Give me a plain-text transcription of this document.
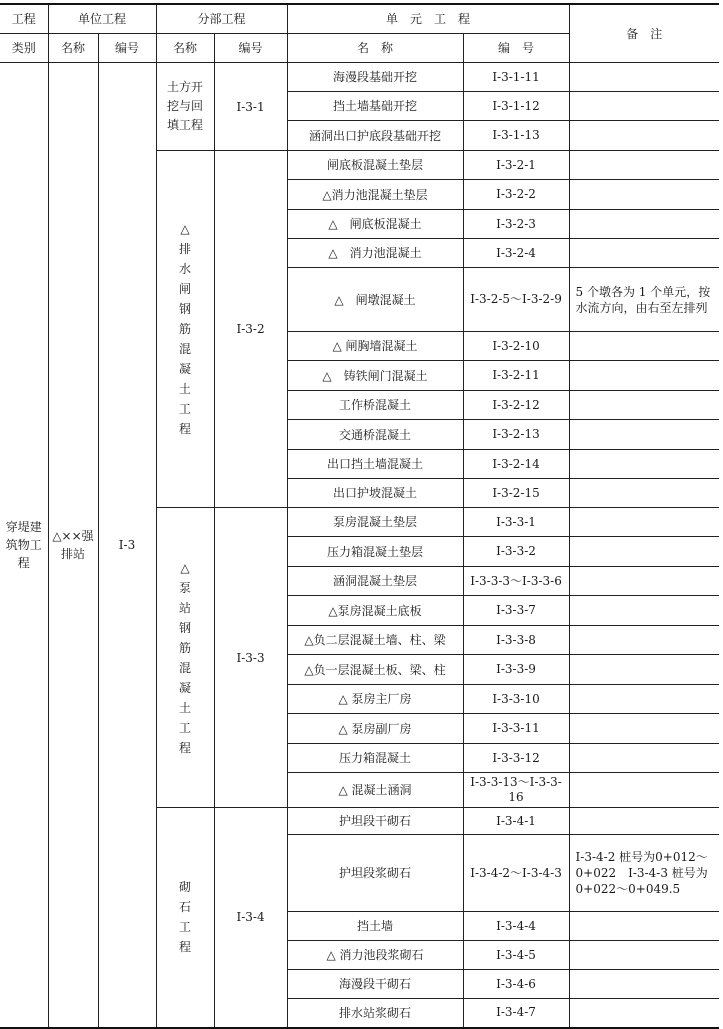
工程	单位工程		分部工程		单　元　工　程		备　注
类别	名称	编号	名称	编号	名　称	编　号	
穿堤建筑物工程	△××强排站	Ⅰ-3	土方开挖与回填工程	I-3-1	海漫段基础开挖	I-3-1-11	
					挡土墙基础开挖	I-3-1-12	
					涵洞出口护底段基础开挖	I-3-1-13	
			△排水闸钢筋混凝土工程	I-3-2	闸底板混凝土垫层	I-3-2-1	
					△消力池混凝土垫层	I-3-2-2	
					△　闸底板混凝土	I-3-2-3	
					△　消力池混凝土	I-3-2-4	
					△　闸墩混凝土	I-3-2-5～I-3-2-9	5 个墩各为 1 个单元，按水流方向，由右至左排列
					△ 闸胸墙混凝土	I-3-2-10	
					△　铸铁闸门混凝土	I-3-2-11	
					工作桥混凝土	I-3-2-12	
					交通桥混凝土	I-3-2-13	
					出口挡土墙混凝土	I-3-2-14	
					出口护坡混凝土	I-3-2-15	
			△泵站钢筋混凝土工程	I-3-3	泵房混凝土垫层	I-3-3-1	
					压力箱混凝土垫层	I-3-3-2	
					涵洞混凝土垫层	I-3-3-3～I-3-3-6	
					△泵房混凝土底板	I-3-3-7	
					△负二层混凝土墙、柱、梁	I-3-3-8	
					△负一层混凝土板、梁、柱	I-3-3-9	
					△ 泵房主厂房	I-3-3-10	
					△ 泵房副厂房	I-3-3-11	
					压力箱混凝土	I-3-3-12	
					△ 混凝土涵洞	I-3-3-13～I-3-3-16	
			砌石工程	I-3-4	护坦段干砌石	I-3-4-1	
					护坦段浆砌石	I-3-4-2～I-3-4-3	I-3-4-2 桩号为0+012～0+022　I-3-4-3 桩号为0+022～0+049.5
					挡土墙	I-3-4-4	
					△ 消力池段浆砌石	I-3-4-5	
					海漫段干砌石	I-3-4-6	
					排水站浆砌石	I-3-4-7	
